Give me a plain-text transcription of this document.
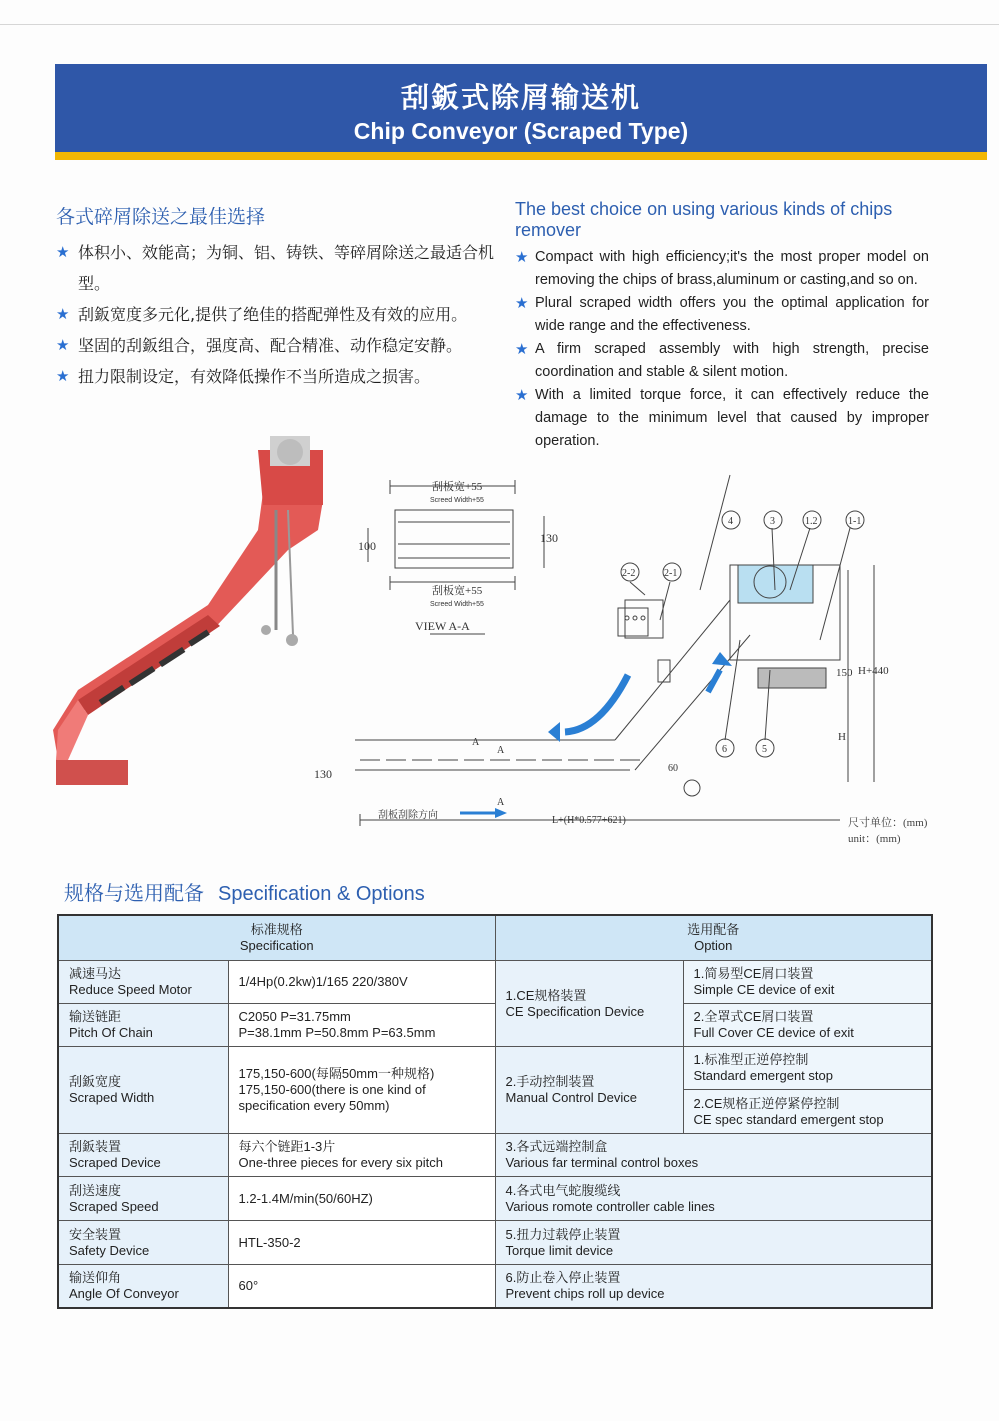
刮鈑式除屑输送机
Chip Conveyor (Scraped Type)
各式碎屑除送之最佳选择
★ 体积小、效能高；为铜、铝、铸铁、等碎屑除送之最适合机型。
★ 刮鈑宽度多元化,提供了绝佳的搭配弹性及有效的应用。
★ 坚固的刮鈑组合，强度高、配合精准、动作稳定安静。
★ 扭力限制设定，有效降低操作不当所造成之损害。
The best choice on using various kinds of chips remover
★ Compact with high efficiency;it's the most proper model on removing the chips of brass,aluminum or casting,and so on.
★ Plural scraped width offers you the optimal application for wide range and the effectiveness.
★ A firm scraped assembly with high strength, precise coordination and stable & silent motion.
★ With a limited torque force, it can effectively reduce the damage to the minimum level that caused by improper operation.
刮板宽+55
Screed Width+55
100
130
刮板宽+55
Screed Width+55
VIEW A-A
4	3	1.2	1-1
2-2	2-1
6	5
150 H+440
H
130
A
A
A
60
刮板刮除方向	L+(H*0.577+621)	尺寸单位：(mm)
unit：(mm)
规格与选用配备 Specification & Options
标准规格
Specification		选用配备
Option	

减速马达
Reduce Speed Motor	1/4Hp(0.2kw)1/165 220/380V	1.CE规格装置
CE Specification Device	1.简易型CE屑口装置
Simple CE device of exit

输送链距
Pitch Of Chain	C2050 P=31.75mm
P=38.1mm P=50.8mm P=63.5mm		2.全罩式CE屑口装置
Full Cover CE device of exit

刮鈑宽度
Scraped Width	175,150-600(每隔50mm一种规格)
175,150-600(there is one kind of
specification every 50mm)	2.手动控制装置
Manual Control Device	1.标准型正逆停控制
Standard emergent stop

			2.CE规格正逆停紧停控制
CE spec standard emergent stop

刮鈑装置
Scraped Device	每六个链距1-3片
One-three pieces for every six pitch	3.各式远端控制盒
Various far terminal control boxes	

刮送速度
Scraped Speed	1.2-1.4M/min(50/60HZ)	4.各式电气蛇腹缆线
Various romote controller cable lines	

安全装置
Safety Device	HTL-350-2	5.扭力过载停止装置
Torque limit device	

输送仰角
Angle Of Conveyor	60°	6.防止卷入停止装置
Prevent chips roll up device	
